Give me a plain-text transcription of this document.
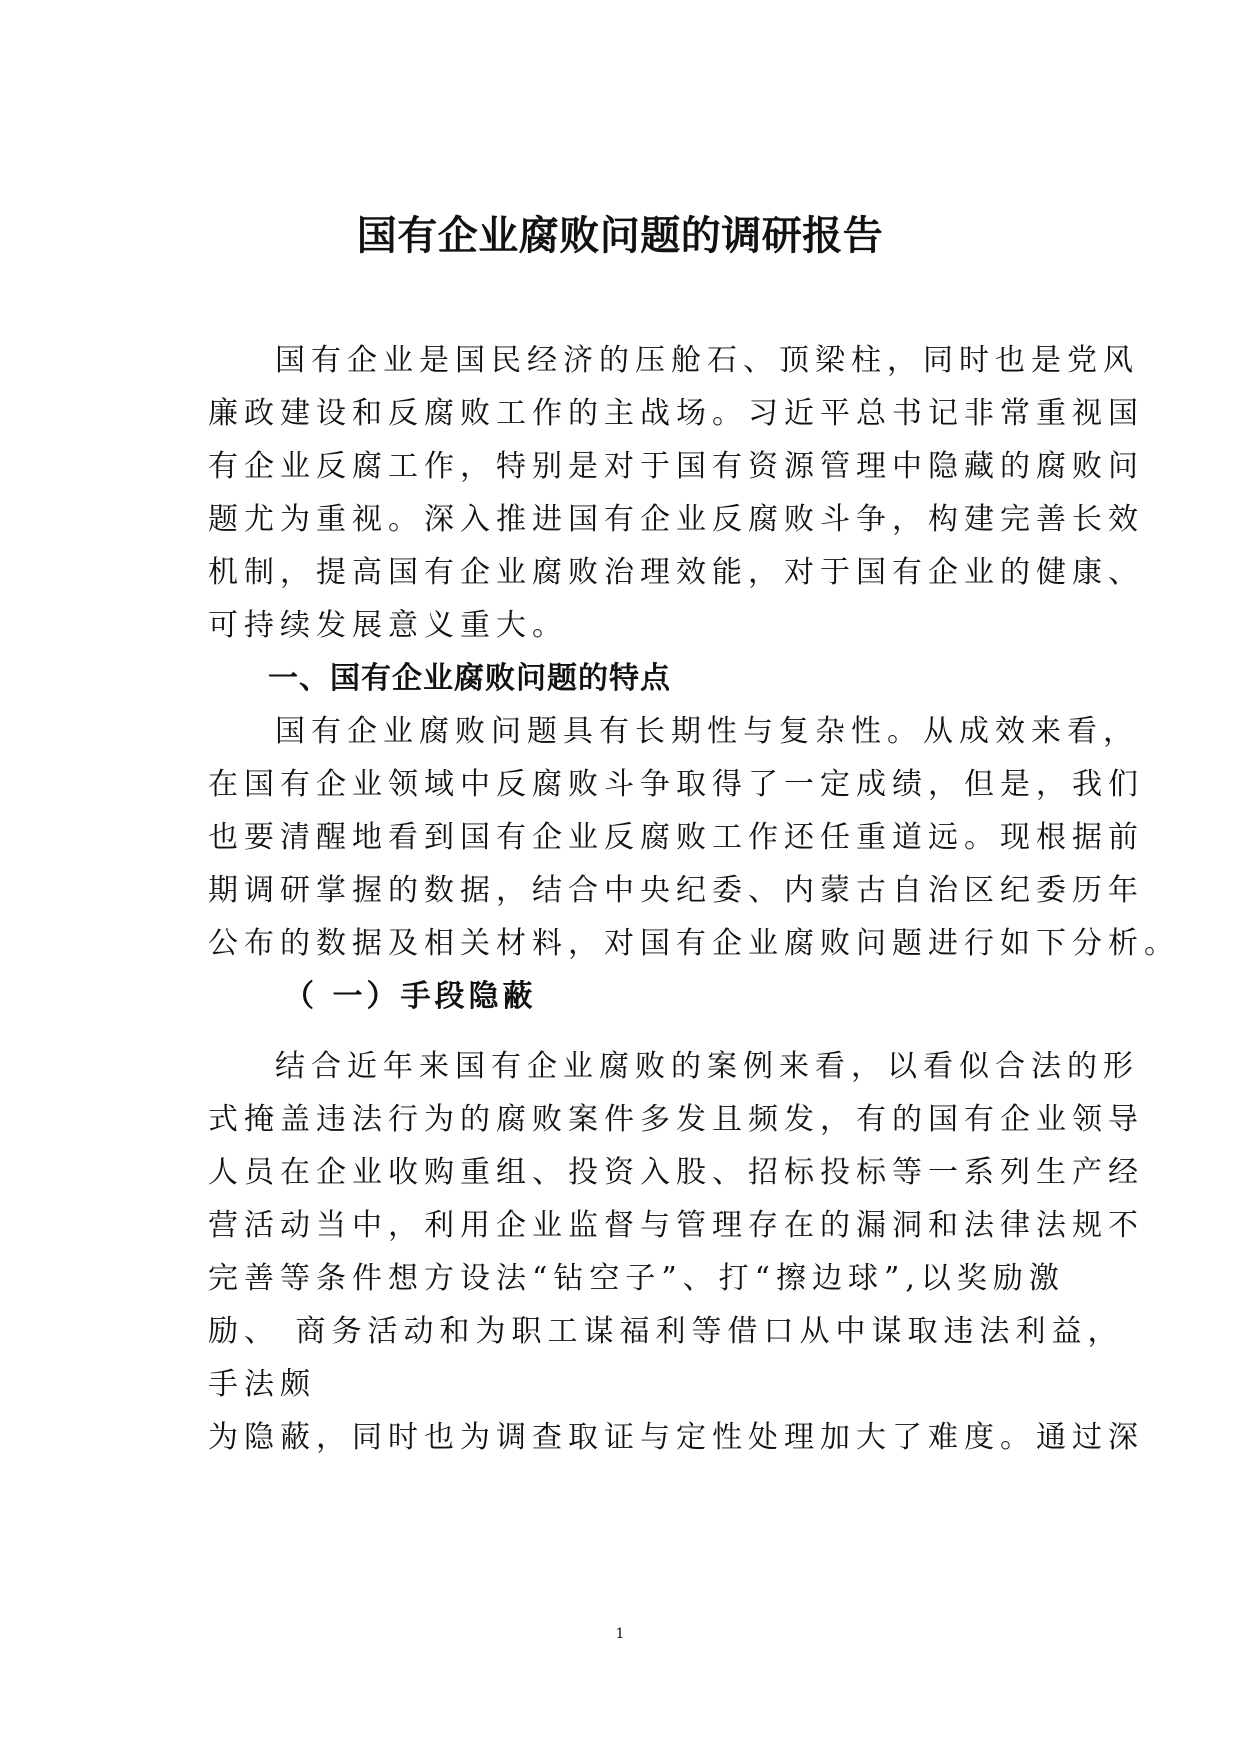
国有企业腐败问题的调研报告

国有企业是国民经济的压舱石、顶梁柱，同时也是党风
廉政建设和反腐败工作的主战场。习近平总书记非常重视国
有企业反腐工作，特别是对于国有资源管理中隐藏的腐败问
题尤为重视。深入推进国有企业反腐败斗争，构建完善长效
机制，提高国有企业腐败治理效能，对于国有企业的健康、
可持续发展意义重大。

一、国有企业腐败问题的特点

国有企业腐败问题具有长期性与复杂性。从成效来看，
在国有企业领域中反腐败斗争取得了一定成绩，但是，我们
也要清醒地看到国有企业反腐败工作还任重道远。现根据前
期调研掌握的数据，结合中央纪委、内蒙古自治区纪委历年
公布的数据及相关材料，对国有企业腐败问题进行如下分析。

（ 一）手段隐蔽

结合近年来国有企业腐败的案例来看，以看似合法的形
式掩盖违法行为的腐败案件多发且频发，有的国有企业领导
人员在企业收购重组、投资入股、招标投标等一系列生产经
营活动当中，利用企业监督与管理存在的漏洞和法律法规不
完善等条件想方设法“钻空子”、打“擦边球”,以奖励激
励、 商务活动和为职工谋福利等借口从中谋取违法利益，
手法颇
为隐蔽，同时也为调查取证与定性处理加大了难度。通过深

1
